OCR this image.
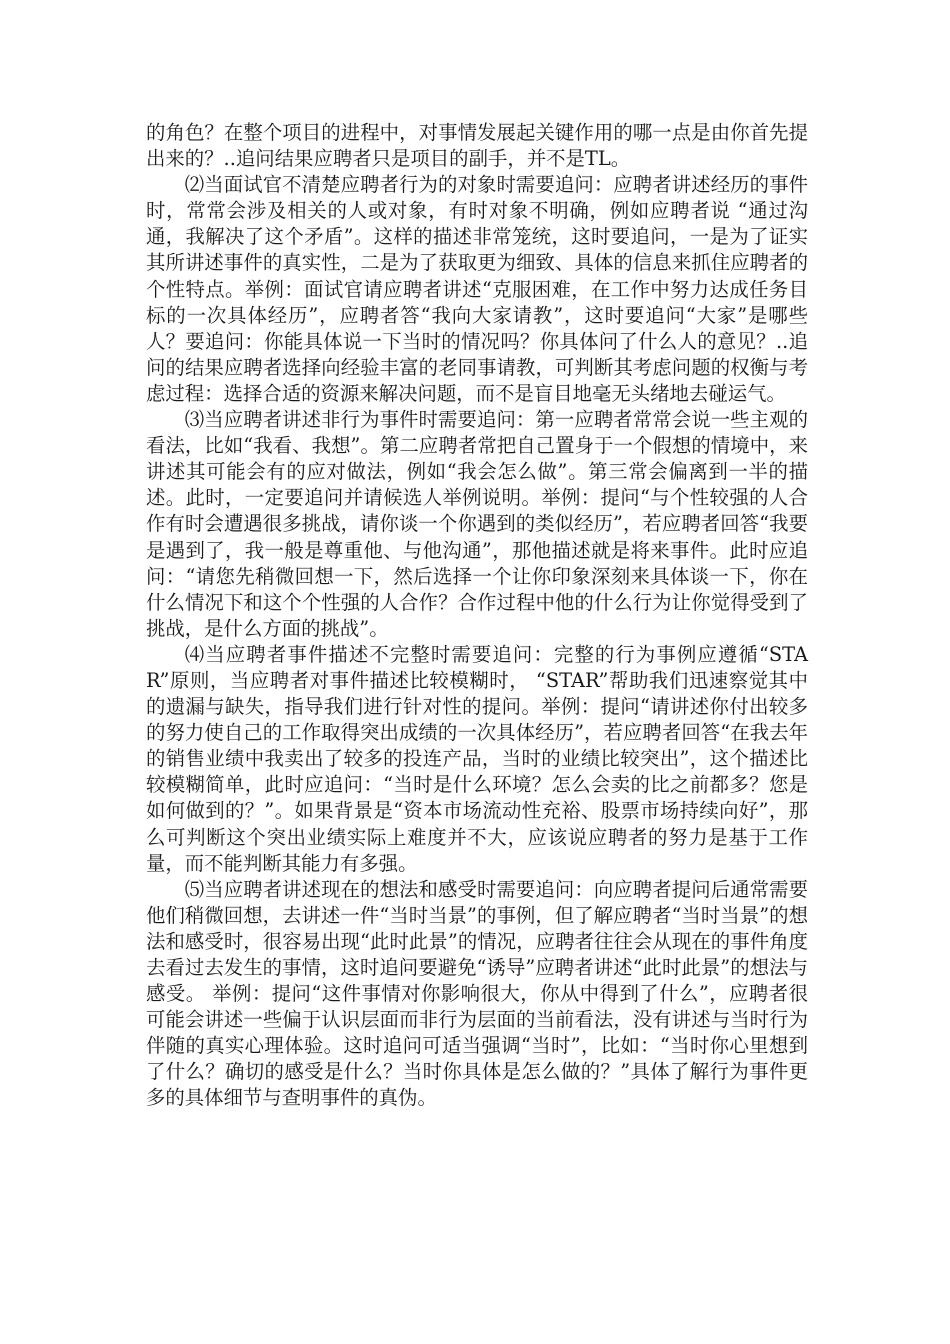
的角色？在整个项目的进程中，对事情发展起关键作用的哪一点是由你首先提出来的？..追问结果应聘者只是项目的副手，并不是TL。

⑵当面试官不清楚应聘者行为的对象时需要追问：应聘者讲述经历的事件时，常常会涉及相关的人或对象，有时对象不明确，例如应聘者说 “通过沟通，我解决了这个矛盾”。这样的描述非常笼统，这时要追问，一是为了证实其所讲述事件的真实性，二是为了获取更为细致、具体的信息来抓住应聘者的个性特点。举例：面试官请应聘者讲述“克服困难，在工作中努力达成任务目标的一次具体经历”，应聘者答“我向大家请教”，这时要追问“大家”是哪些人？要追问：你能具体说一下当时的情况吗？你具体问了什么人的意见？..追问的结果应聘者选择向经验丰富的老同事请教，可判断其考虑问题的权衡与考虑过程：选择合适的资源来解决问题，而不是盲目地毫无头绪地去碰运气。

⑶当应聘者讲述非行为事件时需要追问：第一应聘者常常会说一些主观的看法，比如“我看、我想”。第二应聘者常把自己置身于一个假想的情境中，来讲述其可能会有的应对做法，例如“我会怎么做”。第三常会偏离到一半的描述。此时，一定要追问并请候选人举例说明。举例：提问“与个性较强的人合作有时会遭遇很多挑战，请你谈一个你遇到的类似经历”，若应聘者回答“我要是遇到了，我一般是尊重他、与他沟通”，那他描述就是将来事件。此时应追问：“请您先稍微回想一下，然后选择一个让你印象深刻来具体谈一下，你在什么情况下和这个个性强的人合作？合作过程中他的什么行为让你觉得受到了挑战，是什么方面的挑战”。

⑷当应聘者事件描述不完整时需要追问：完整的行为事例应遵循“STAR”原则，当应聘者对事件描述比较模糊时， “STAR”帮助我们迅速察觉其中的遗漏与缺失，指导我们进行针对性的提问。举例：提问“请讲述你付出较多的努力使自己的工作取得突出成绩的一次具体经历”，若应聘者回答“在我去年的销售业绩中我卖出了较多的投连产品，当时的业绩比较突出”，这个描述比较模糊简单，此时应追问：“当时是什么环境？怎么会卖的比之前都多？您是如何做到的？”。如果背景是“资本市场流动性充裕、股票市场持续向好”，那么可判断这个突出业绩实际上难度并不大，应该说应聘者的努力是基于工作量，而不能判断其能力有多强。

⑸当应聘者讲述现在的想法和感受时需要追问：向应聘者提问后通常需要他们稍微回想，去讲述一件“当时当景”的事例，但了解应聘者“当时当景”的想法和感受时，很容易出现“此时此景”的情况，应聘者往往会从现在的事件角度去看过去发生的事情，这时追问要避免“诱导”应聘者讲述“此时此景”的想法与感受。 举例：提问“这件事情对你影响很大，你从中得到了什么”，应聘者很可能会讲述一些偏于认识层面而非行为层面的当前看法，没有讲述与当时行为伴随的真实心理体验。这时追问可适当强调“当时”，比如：“当时你心里想到了什么？确切的感受是什么？当时你具体是怎么做的？”具体了解行为事件更多的具体细节与查明事件的真伪。
